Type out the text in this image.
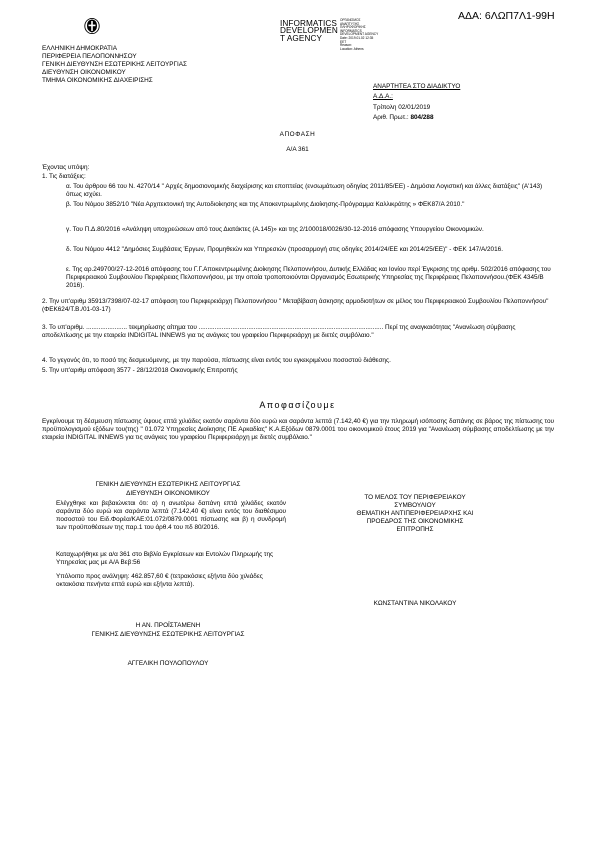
ΑΔΑ: 6ΛΩΠ7Λ1-99Η
INFORMATICS
DEVELOPMEN
T AGENCY
ΟΡΓΑΝΙΣΜΟΣ
ΑΝΑΠΤΥΞΗΣ
ΠΛΗΡΟΦΟΡΙΚΗΣ
INFORMATICS
DEVELOPMENT AGENCY
Date: 2019.01.02 12:35
EET
Reason:
Location: Athens
ΕΛΛΗΝΙΚΗ ΔΗΜΟΚΡΑΤΙΑ
ΠΕΡΙΦΕΡΕΙΑ ΠΕΛΟΠΟΝΝΗΣΟΥ
ΓΕΝΙΚΗ ΔΙΕΥΘΥΝΣΗ ΕΣΩΤΕΡΙΚΗΣ ΛΕΙΤΟΥΡΓΙΑΣ
ΔΙΕΥΘΥΝΣΗ ΟΙΚΟΝΟΜΙΚΟΥ
ΤΜΗΜΑ ΟΙΚΟΝΟΜΙΚΗΣ ΔΙΑΧΕΙΡΙΣΗΣ
ΑΝΑΡΤΗΤΕΑ ΣΤΟ ΔΙΑΔΙΚΤΥΟ
Α.Δ.Α.:
Τρίπολη 02/01/2019
Αριθ. Πρωτ.: 804/288
ΑΠΟΦΑΣΗ
Α/Α 361
Έχοντας υπόψη:
1. Τις διατάξεις:
α. Του άρθρου 66 του Ν. 4270/14 " Αρχές δημοσιονομικής διαχείρισης και εποπτείας (ενσωμάτωση οδηγίας 2011/85/ΕΕ) - Δημόσια Λογιστική και άλλες διατάξεις" (Α'143) όπως ισχύει.
β. Του Νόμου 3852/10 "Νέα Αρχιτεκτονική της Αυτοδιοίκησης και της Αποκεντρωμένης Διοίκησης-Πρόγραμμα Καλλικράτης » ΦΕΚ87/Α 2010."
γ. Του Π.Δ.80/2016 «Ανάληψη υποχρεώσεων από τους Διατάκτες (Α.145)» και της 2/100018/0026/30-12-2016 απόφασης Υπουργείου Οικονομικών.
δ. Του Νόμου 4412 "Δημόσιες Συμβάσεις Έργων, Προμηθειών και Υπηρεσιών (προσαρμογή στις οδηγίες 2014/24/ΕΕ και 2014/25/ΕΕ)" - ΦΕΚ 147/Α/2016.
ε. Της αρ.249700/27-12-2016 απόφασης του Γ.Γ.Αποκεντρωμένης Διοίκησης Πελοποννήσου, Δυτικής Ελλάδας και Ιονίου περί Έγκρισης της αριθμ. 502/2016 απόφασης του Περιφερειακού Συμβουλίου Περιφέρειας Πελοποννήσου, με την οποία τροποποιούνται Οργανισμός Εσωτερικής Υπηρεσίας της Περιφέρειας Πελοποννήσου.(ΦΕΚ 4345/Β 2016).
2. Την υπ'αριθμ 35913/7398/07-02-17 απόφαση του Περιφερειάρχη Πελοποννήσου " Μεταβίβαση άσκησης αρμοδιοτήτων σε μέλος του Περιφερειακού Συμβουλίου Πελοποννήσου" (ΦΕΚ624/Τ.Β./01-03-17)
3. Το υπ'αριθμ. ....................... τεκμηρίωσης αίτημα του ........................................................................................................ Περί της αναγκαιότητας "Ανανέωση σύμβασης αποδελτίωσης με την εταιρεία INDIGITAL INNEWS για τις ανάγκες του γραφείου Περιφερειάρχη με διετές συμβόλαιο."
4. Το γεγονός ότι, το ποσό της δεσμευόμενης, με την παρούσα, πίστωσης είναι εντός του εγκεκριμένου ποσοστού διάθεσης.
5. Την υπ'αριθμ απόφαση 3577 - 28/12/2018 Οικονομικής Επιτροπής
Αποφασίζουμε
Εγκρίνουμε τη δέσμευση πίστωσης ύψους επτά χιλιάδες εκατόν σαράντα δύο ευρώ και σαράντα λεπτά (7.142,40 €) για την πληρωμή ισόποσης δαπάνης σε βάρος της πίστωσης του προϋπολογισμού εξόδων του(της) " 01.072 Υπηρεσίες Διοίκησης ΠΕ Αρκαδίας" Κ.Α.Εξόδων 0879.0001 του οικονομικού έτους 2019 για "Ανανέωση σύμβασης αποδελτίωσης με την εταιρεία INDIGITAL INNEWS για τις ανάγκες του γραφείου Περιφερειάρχη με διετές συμβόλαιο."
ΓΕΝΙΚΗ ΔΙΕΥΘΥΝΣΗ ΕΣΩΤΕΡΙΚΗΣ ΛΕΙΤΟΥΡΓΙΑΣ
ΔΙΕΥΘΥΝΣΗ ΟΙΚΟΝΟΜΙΚΟΥ
Ελέγχθηκε και βεβαιώνεται ότι: α) η ανωτέρω δαπάνη επτά χιλιάδες εκατόν σαράντα δύο ευρώ και σαράντα λεπτά (7.142,40 €) είναι εντός του διαθέσιμου ποσοστού του Ειδ.Φορέα/ΚΑΕ:01.072/0879.0001 πίστωσης και β) η συνδρομή των προϋποθέσεων της παρ.1 του άρθ.4 του πδ 80/2016.
Καταχωρήθηκε με α/α 361 στο Βιβλίο Εγκρίσεων και Εντολών Πληρωμής της Υπηρεσίας μας με Α/Α Βεβ:56
Υπόλοιπο προς ανάληψη: 462.857,60 € (τετρακόσιες εξήντα δύο χιλιάδες οκτακόσια πενήντα επτά ευρώ και εξήντα λεπτά).
Η ΑΝ. ΠΡΟΪΣΤΑΜΕΝΗ
ΓΕΝΙΚΗΣ ΔΙΕΥΘΥΝΣΗΣ ΕΣΩΤΕΡΙΚΗΣ ΛΕΙΤΟΥΡΓΙΑΣ
ΑΓΓΕΛΙΚΗ ΠΟΥΛΟΠΟΥΛΟΥ
ΤΟ ΜΕΛΟΣ ΤΟΥ ΠΕΡΙΦΕΡΕΙΑΚΟΥ
ΣΥΜΒΟΥΛΙΟΥ
ΘΕΜΑΤΙΚΗ ΑΝΤΙΠΕΡΙΦΕΡΕΙΑΡΧΗΣ ΚΑΙ
ΠΡΟΕΔΡΟΣ ΤΗΣ ΟΙΚΟΝΟΜΙΚΗΣ
ΕΠΙΤΡΟΠΗΣ
ΚΩΝΣΤΑΝΤΙΝΑ ΝΙΚΟΛΑΚΟΥ
